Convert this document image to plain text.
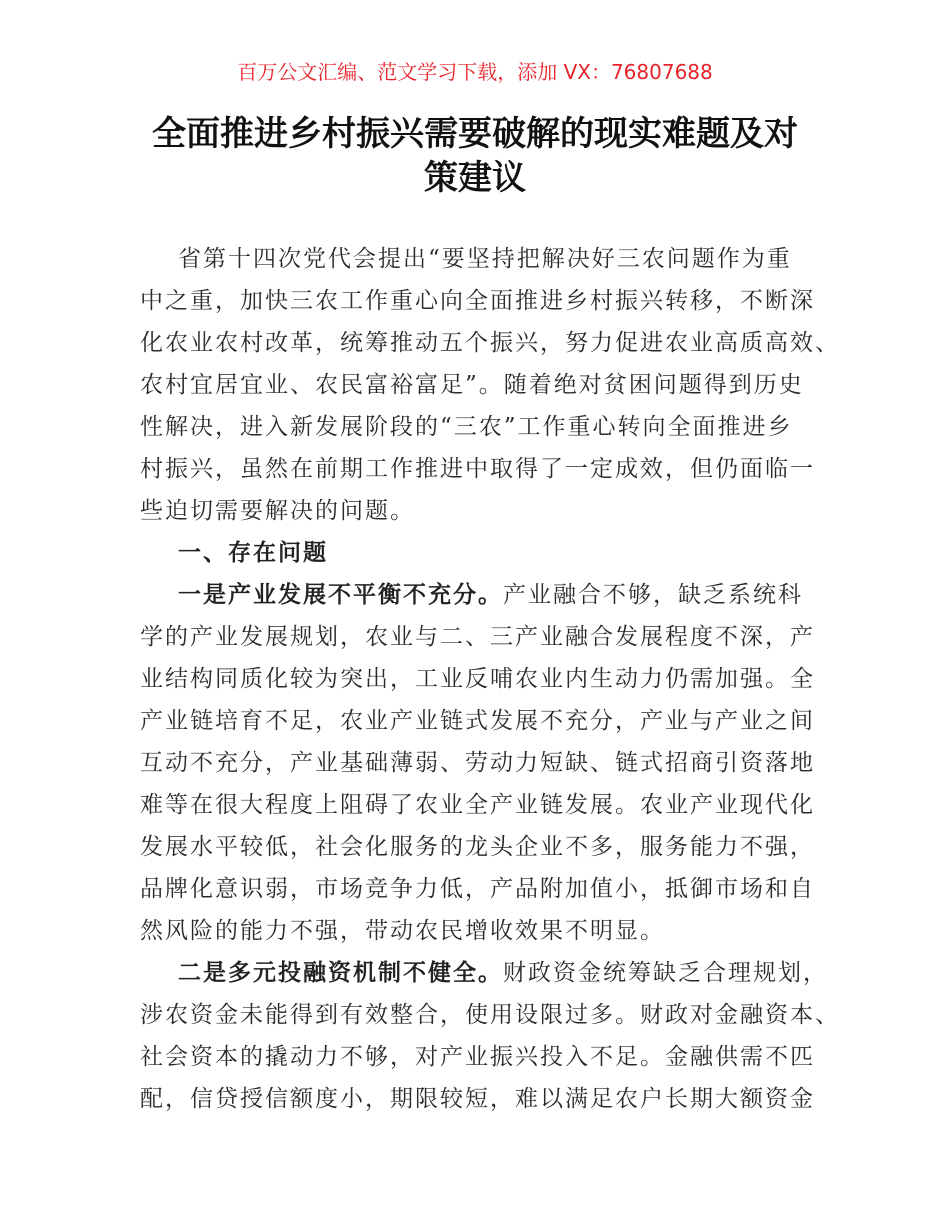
百万公文汇编、范文学习下载，添加 VX：76807688
全面推进乡村振兴需要破解的现实难题及对
策建议
省第十四次党代会提出“要坚持把解决好三农问题作为重
中之重，加快三农工作重心向全面推进乡村振兴转移，不断深
化农业农村改革，统筹推动五个振兴，努力促进农业高质高效、
农村宜居宜业、农民富裕富足”。随着绝对贫困问题得到历史
性解决，进入新发展阶段的“三农”工作重心转向全面推进乡
村振兴，虽然在前期工作推进中取得了一定成效，但仍面临一
些迫切需要解决的问题。
一、存在问题
一是产业发展不平衡不充分。产业融合不够，缺乏系统科
学的产业发展规划，农业与二、三产业融合发展程度不深，产
业结构同质化较为突出，工业反哺农业内生动力仍需加强。全
产业链培育不足，农业产业链式发展不充分，产业与产业之间
互动不充分，产业基础薄弱、劳动力短缺、链式招商引资落地
难等在很大程度上阻碍了农业全产业链发展。农业产业现代化
发展水平较低，社会化服务的龙头企业不多，服务能力不强，
品牌化意识弱，市场竞争力低，产品附加值小，抵御市场和自
然风险的能力不强，带动农民增收效果不明显。
二是多元投融资机制不健全。财政资金统筹缺乏合理规划，
涉农资金未能得到有效整合，使用设限过多。财政对金融资本、
社会资本的撬动力不够，对产业振兴投入不足。金融供需不匹
配，信贷授信额度小，期限较短，难以满足农户长期大额资金
